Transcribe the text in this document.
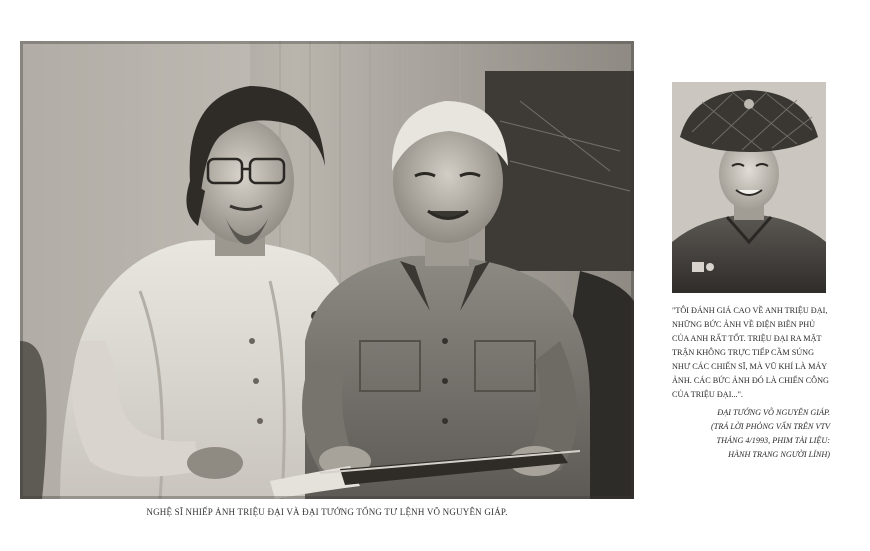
NGHỆ SĨ NHIẾP ẢNH TRIỆU ĐẠI VÀ ĐẠI TƯỚNG TỔNG TƯ LỆNH VÕ NGUYÊN GIÁP.

"TÔI ĐÁNH GIÁ CAO VỀ ANH TRIỆU ĐẠI, NHỮNG BỨC ẢNH VỀ ĐIỆN BIÊN PHỦ CỦA ANH RẤT TỐT. TRIỆU ĐẠI RA MẶT TRẬN KHÔNG TRỰC TIẾP CẦM SÚNG NHƯ CÁC CHIẾN SĨ, MÀ VŨ KHÍ LÀ MÁY ẢNH. CÁC BỨC ẢNH ĐÓ LÀ CHIẾN CÔNG CỦA TRIỆU ĐẠI...".

ĐẠI TƯỚNG VÕ NGUYÊN GIÁP.
(TRẢ LỜI PHỎNG VẤN TRÊN VTV
THÁNG 4/1993, PHIM TÀI LIỆU:
HÀNH TRANG NGƯỜI LÍNH)
